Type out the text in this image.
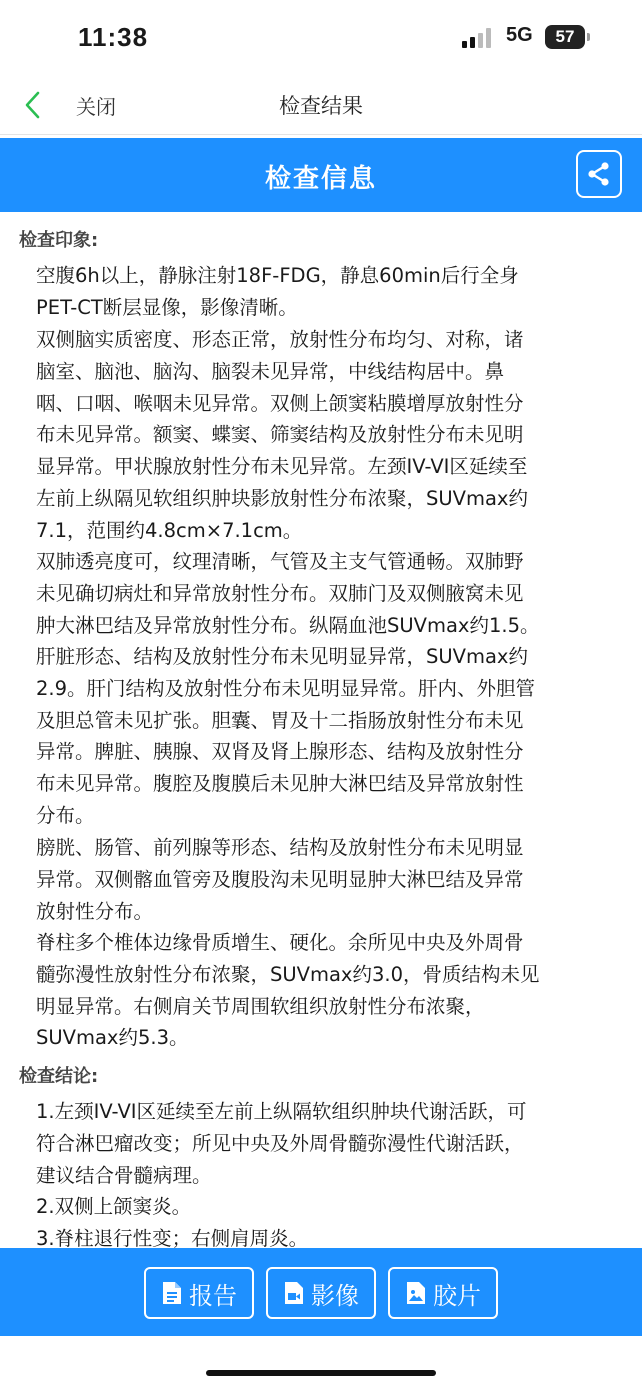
11:38	5G	57
关闭	检查结果
检查信息
检查印象:

空腹6h以上，静脉注射18F-FDG，静息60min后行全身
PET-CT断层显像，影像清晰。

双侧脑实质密度、形态正常，放射性分布均匀、对称，诸
脑室、脑池、脑沟、脑裂未见异常，中线结构居中。鼻
咽、口咽、喉咽未见异常。双侧上颌窦粘膜增厚放射性分
布未见异常。额窦、蝶窦、筛窦结构及放射性分布未见明
显异常。甲状腺放射性分布未见异常。左颈IV-VI区延续至
左前上纵隔见软组织肿块影放射性分布浓聚，SUVmax约
7.1，范围约4.8cm×7.1cm。

双肺透亮度可，纹理清晰，气管及主支气管通畅。双肺野
未见确切病灶和异常放射性分布。双肺门及双侧腋窝未见
肿大淋巴结及异常放射性分布。纵隔血池SUVmax约1.5。

肝脏形态、结构及放射性分布未见明显异常，SUVmax约
2.9。肝门结构及放射性分布未见明显异常。肝内、外胆管
及胆总管未见扩张。胆囊、胃及十二指肠放射性分布未见
异常。脾脏、胰腺、双肾及肾上腺形态、结构及放射性分
布未见异常。腹腔及腹膜后未见肿大淋巴结及异常放射性
分布。

膀胱、肠管、前列腺等形态、结构及放射性分布未见明显
异常。双侧髂血管旁及腹股沟未见明显肿大淋巴结及异常
放射性分布。

脊柱多个椎体边缘骨质增生、硬化。余所见中央及外周骨
髓弥漫性放射性分布浓聚，SUVmax约3.0，骨质结构未见
明显异常。右侧肩关节周围软组织放射性分布浓聚，
SUVmax约5.3。

检查结论:

1.左颈IV-VI区延续至左前上纵隔软组织肿块代谢活跃，可
符合淋巴瘤改变；所见中央及外周骨髓弥漫性代谢活跃，
建议结合骨髓病理。

2.双侧上颌窦炎。

3.脊柱退行性变；右侧肩周炎。

报告	影像	胶片
